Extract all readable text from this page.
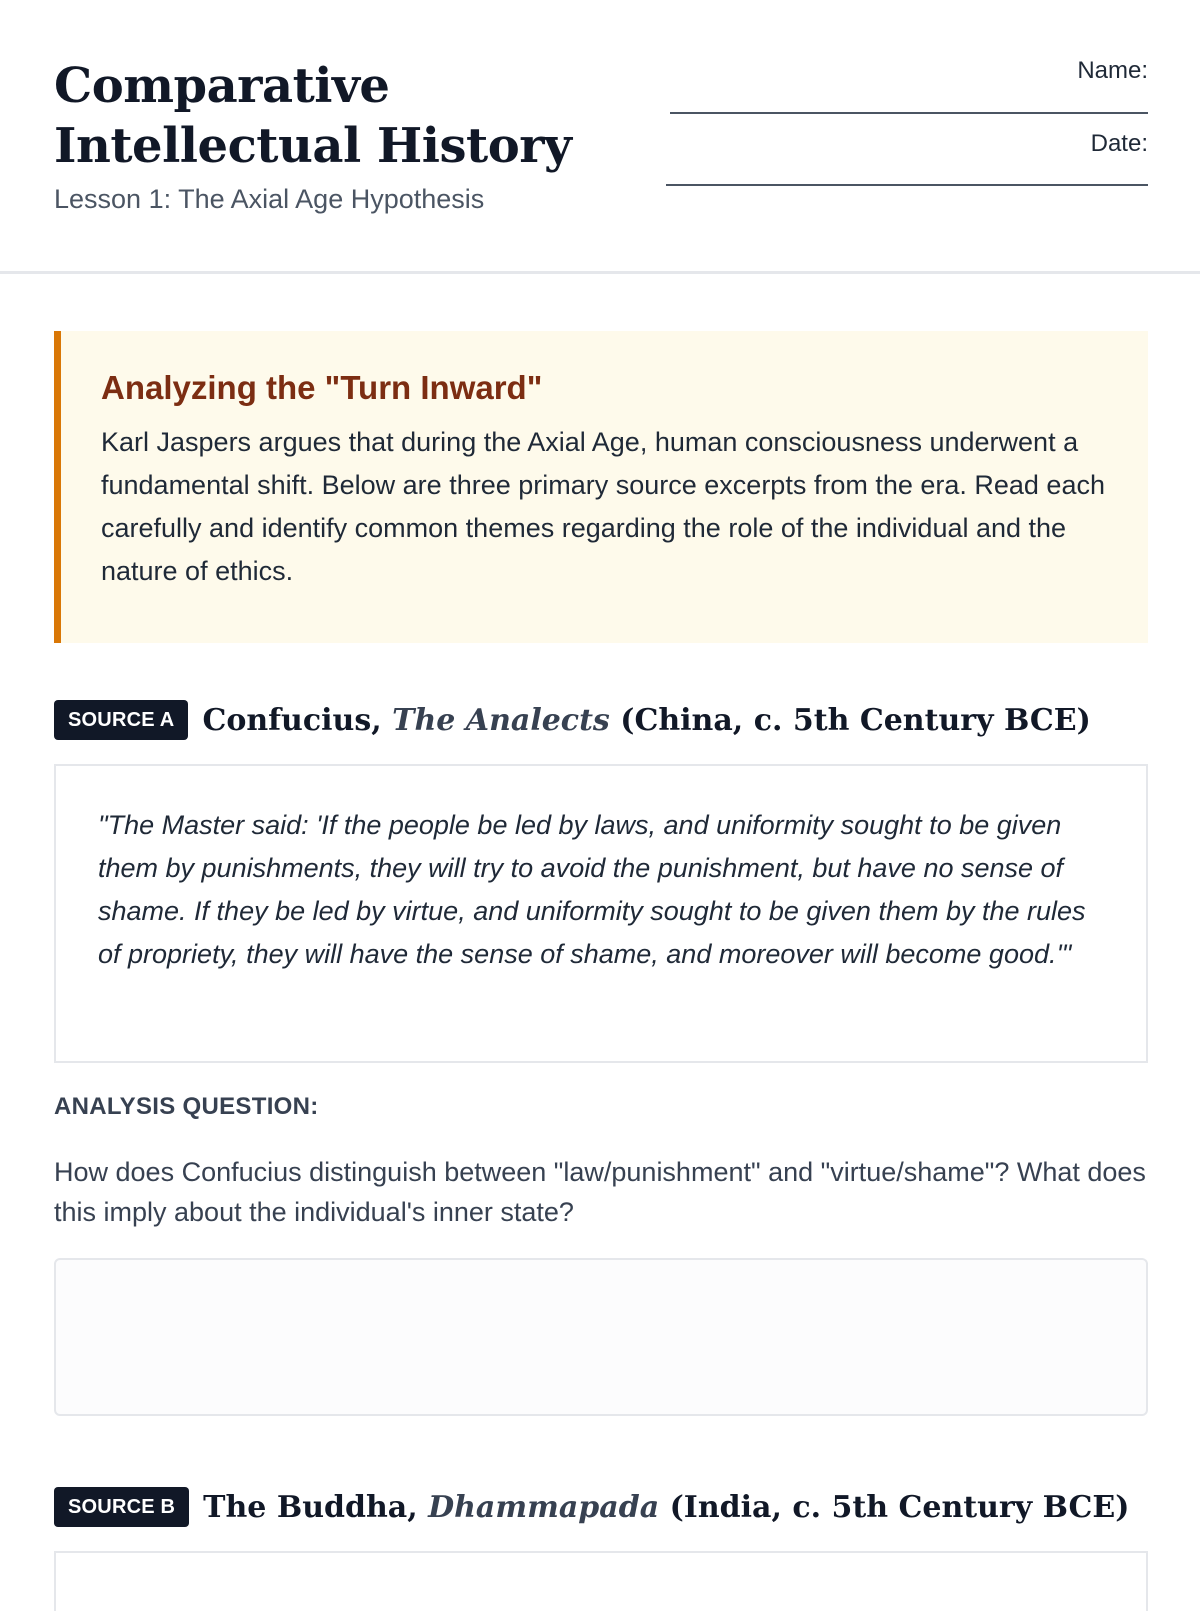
Comparative Intellectual History
Lesson 1: The Axial Age Hypothesis
Name:
Date:
Analyzing the "Turn Inward"

Karl Jaspers argues that during the Axial Age, human consciousness underwent a fundamental shift. Below are three primary source excerpts from the era. Read each carefully and identify common themes regarding the role of the individual and the nature of ethics.

SOURCE A Confucius, The Analects (China, c. 5th Century BCE)

"The Master said: 'If the people be led by laws, and uniformity sought to be given them by punishments, they will try to avoid the punishment, but have no sense of shame. If they be led by virtue, and uniformity sought to be given them by the rules of propriety, they will have the sense of shame, and moreover will become good.'"

ANALYSIS QUESTION:

How does Confucius distinguish between "law/punishment" and "virtue/shame"? What does this imply about the individual's inner state?

SOURCE B The Buddha, Dhammapada (India, c. 5th Century BCE)
